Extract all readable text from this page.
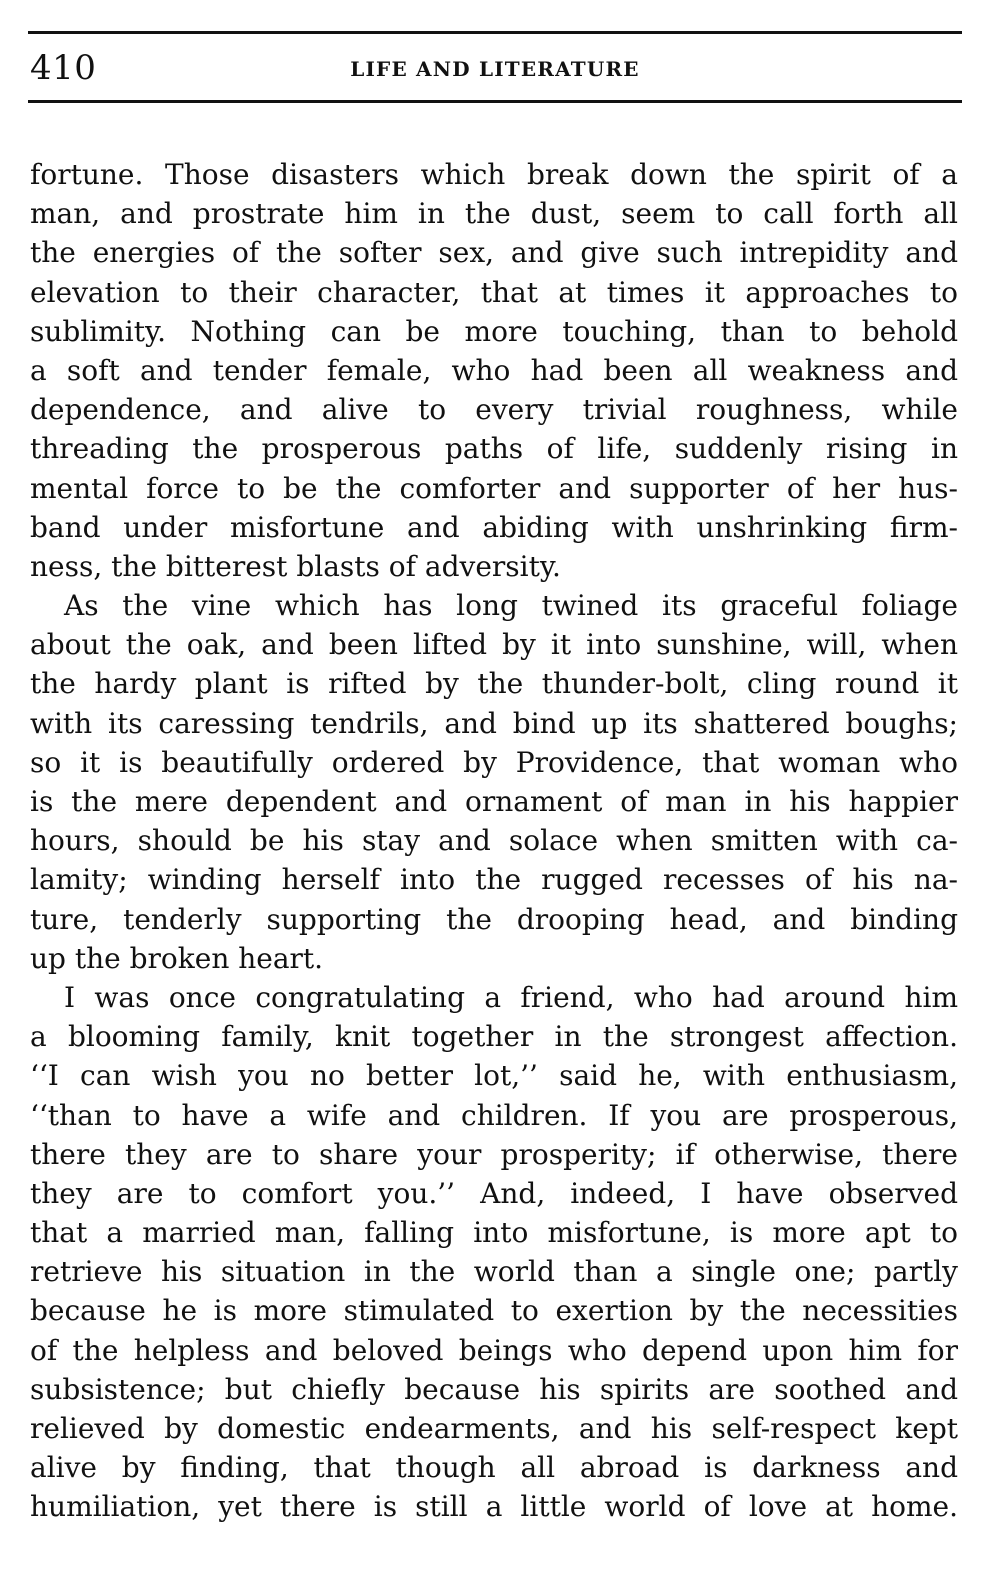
410	LIFE AND LITERATURE
fortune. Those disasters which break down the spirit of a
man, and prostrate him in the dust, seem to call forth all
the energies of the softer sex, and give such intrepidity and
elevation to their character, that at times it approaches to
sublimity. Nothing can be more touching, than to behold
a soft and tender female, who had been all weakness and
dependence, and alive to every trivial roughness, while
threading the prosperous paths of life, suddenly rising in
mental force to be the comforter and supporter of her hus-
band under misfortune and abiding with unshrinking firm-
ness, the bitterest blasts of adversity.
As the vine which has long twined its graceful foliage
about the oak, and been lifted by it into sunshine, will, when
the hardy plant is rifted by the thunder-bolt, cling round it
with its caressing tendrils, and bind up its shattered boughs;
so it is beautifully ordered by Providence, that woman who
is the mere dependent and ornament of man in his happier
hours, should be his stay and solace when smitten with ca-
lamity; winding herself into the rugged recesses of his na-
ture, tenderly supporting the drooping head, and binding
up the broken heart.
I was once congratulating a friend, who had around him
a blooming family, knit together in the strongest affection.
‘‘I can wish you no better lot,’’ said he, with enthusiasm,
‘‘than to have a wife and children. If you are prosperous,
there they are to share your prosperity; if otherwise, there
they are to comfort you.’’ And, indeed, I have observed
that a married man, falling into misfortune, is more apt to
retrieve his situation in the world than a single one; partly
because he is more stimulated to exertion by the necessities
of the helpless and beloved beings who depend upon him for
subsistence; but chiefly because his spirits are soothed and
relieved by domestic endearments, and his self-respect kept
alive by finding, that though all abroad is darkness and
humiliation, yet there is still a little world of love at home.
